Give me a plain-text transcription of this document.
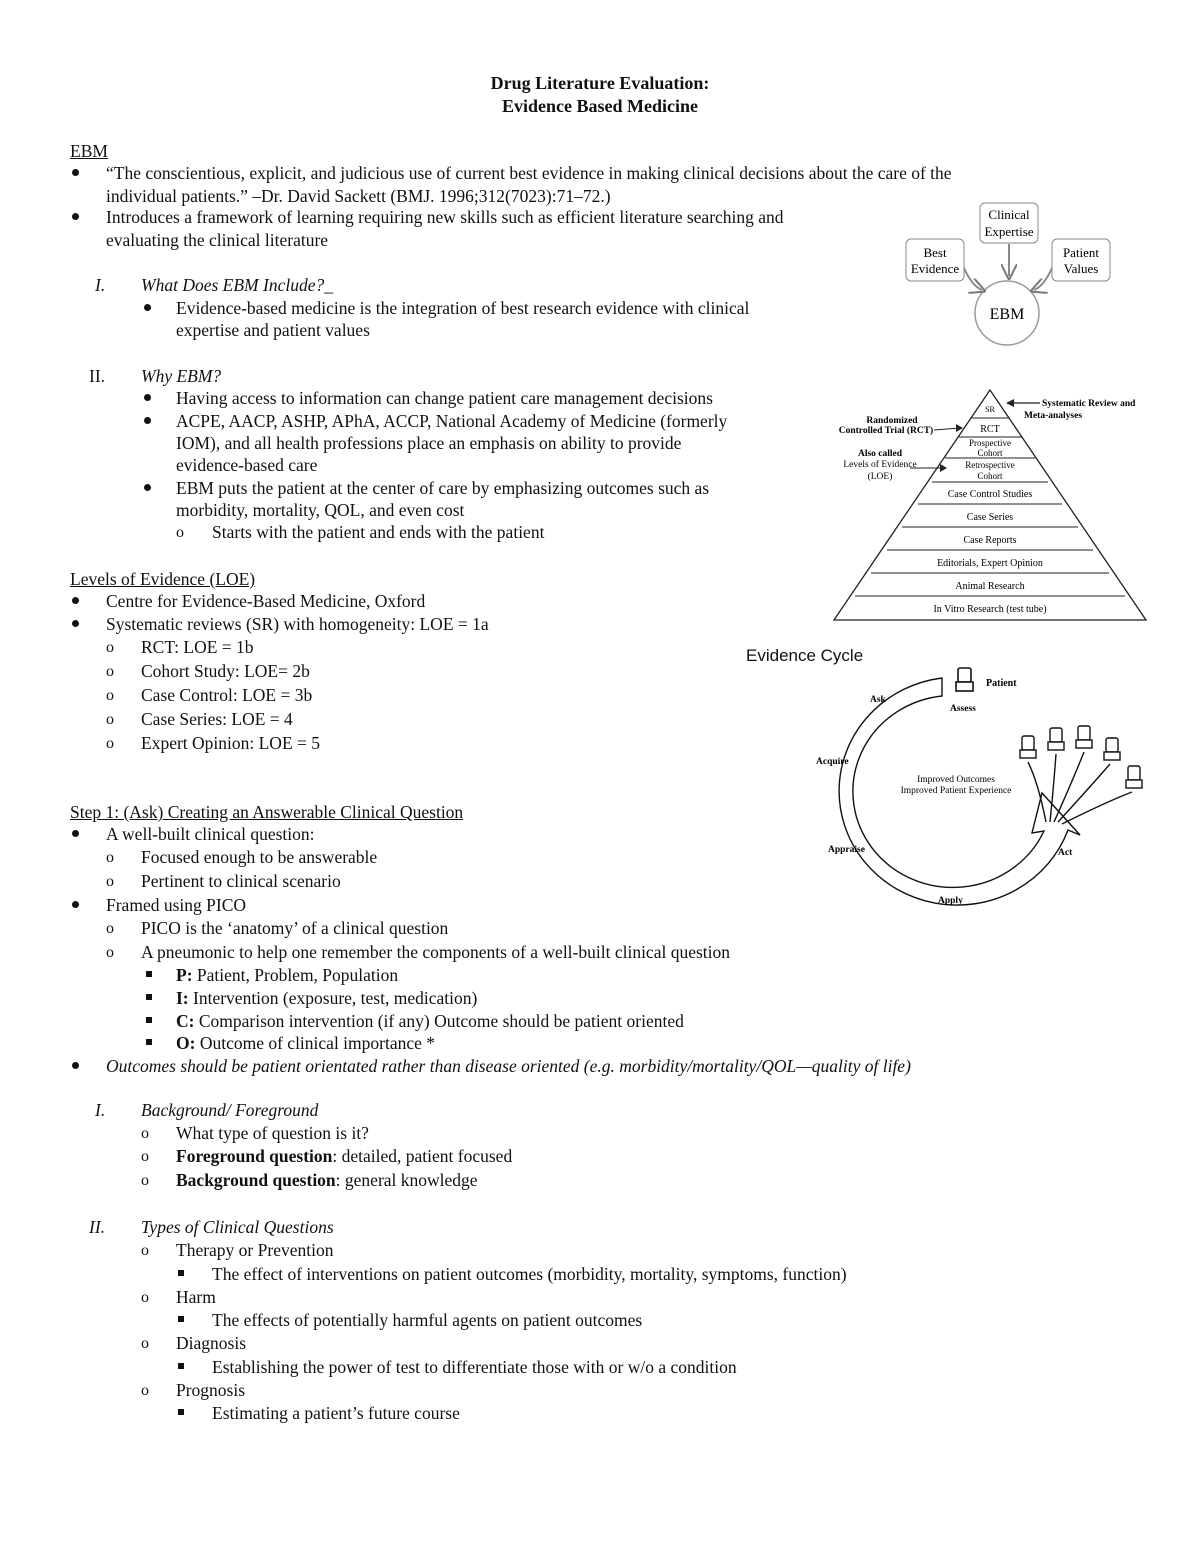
Drug Literature Evaluation:
Evidence Based Medicine
EBM
“The conscientious, explicit, and judicious use of current best evidence in making clinical decisions about the care of the
individual patients.” –Dr. David Sackett (BMJ. 1996;312(7023):71–72.)
Introduces a framework of learning requiring new skills such as efficient literature searching and
evaluating the clinical literature
I. What Does EBM Include?_
Evidence-based medicine is the integration of best research evidence with clinical
expertise and patient values
II. Why EBM?
Having access to information can change patient care management decisions
ACPE, AACP, ASHP, APhA, ACCP, National Academy of Medicine (formerly
IOM), and all health professions place an emphasis on ability to provide
evidence-based care
EBM puts the patient at the center of care by emphasizing outcomes such as
morbidity, mortality, QOL, and even cost
o Starts with the patient and ends with the patient
Clinical
Expertise
Best
Evidence
Patient
Values
EBM
SR
RCT
Prospective
Cohort
Retrospective
Cohort
Case Control Studies
Case Series
Case Reports
Editorials, Expert Opinion
Animal Research
In Vitro Research (test tube)
Systematic Review and
Meta-analyses
Randomized
Controlled Trial (RCT)
Also called
Levels of Evidence
(LOE)
Levels of Evidence (LOE)
Centre for Evidence-Based Medicine, Oxford
Systematic reviews (SR) with homogeneity: LOE = 1a
o RCT: LOE = 1b
o Cohort Study: LOE= 2b
o Case Control: LOE = 3b
o Case Series: LOE = 4
o Expert Opinion: LOE = 5
Evidence Cycle
Patient
Assess
Ask
Acquire
Appraise
Apply
Act
Improved Outcomes
Improved Patient Experience
Step 1: (Ask) Creating an Answerable Clinical Question
A well-built clinical question:
o Focused enough to be answerable
o Pertinent to clinical scenario
Framed using PICO
o PICO is the ‘anatomy’ of a clinical question
o A pneumonic to help one remember the components of a well-built clinical question
P: Patient, Problem, Population
I: Intervention (exposure, test, medication)
C: Comparison intervention (if any) Outcome should be patient oriented
O: Outcome of clinical importance *
Outcomes should be patient orientated rather than disease oriented (e.g. morbidity/mortality/QOL—quality of life)
I. Background/ Foreground
o What type of question is it?
o Foreground question: detailed, patient focused
o Background question: general knowledge
II. Types of Clinical Questions
o Therapy or Prevention
The effect of interventions on patient outcomes (morbidity, mortality, symptoms, function)
o Harm
The effects of potentially harmful agents on patient outcomes
o Diagnosis
Establishing the power of test to differentiate those with or w/o a condition
o Prognosis
Estimating a patient’s future course
